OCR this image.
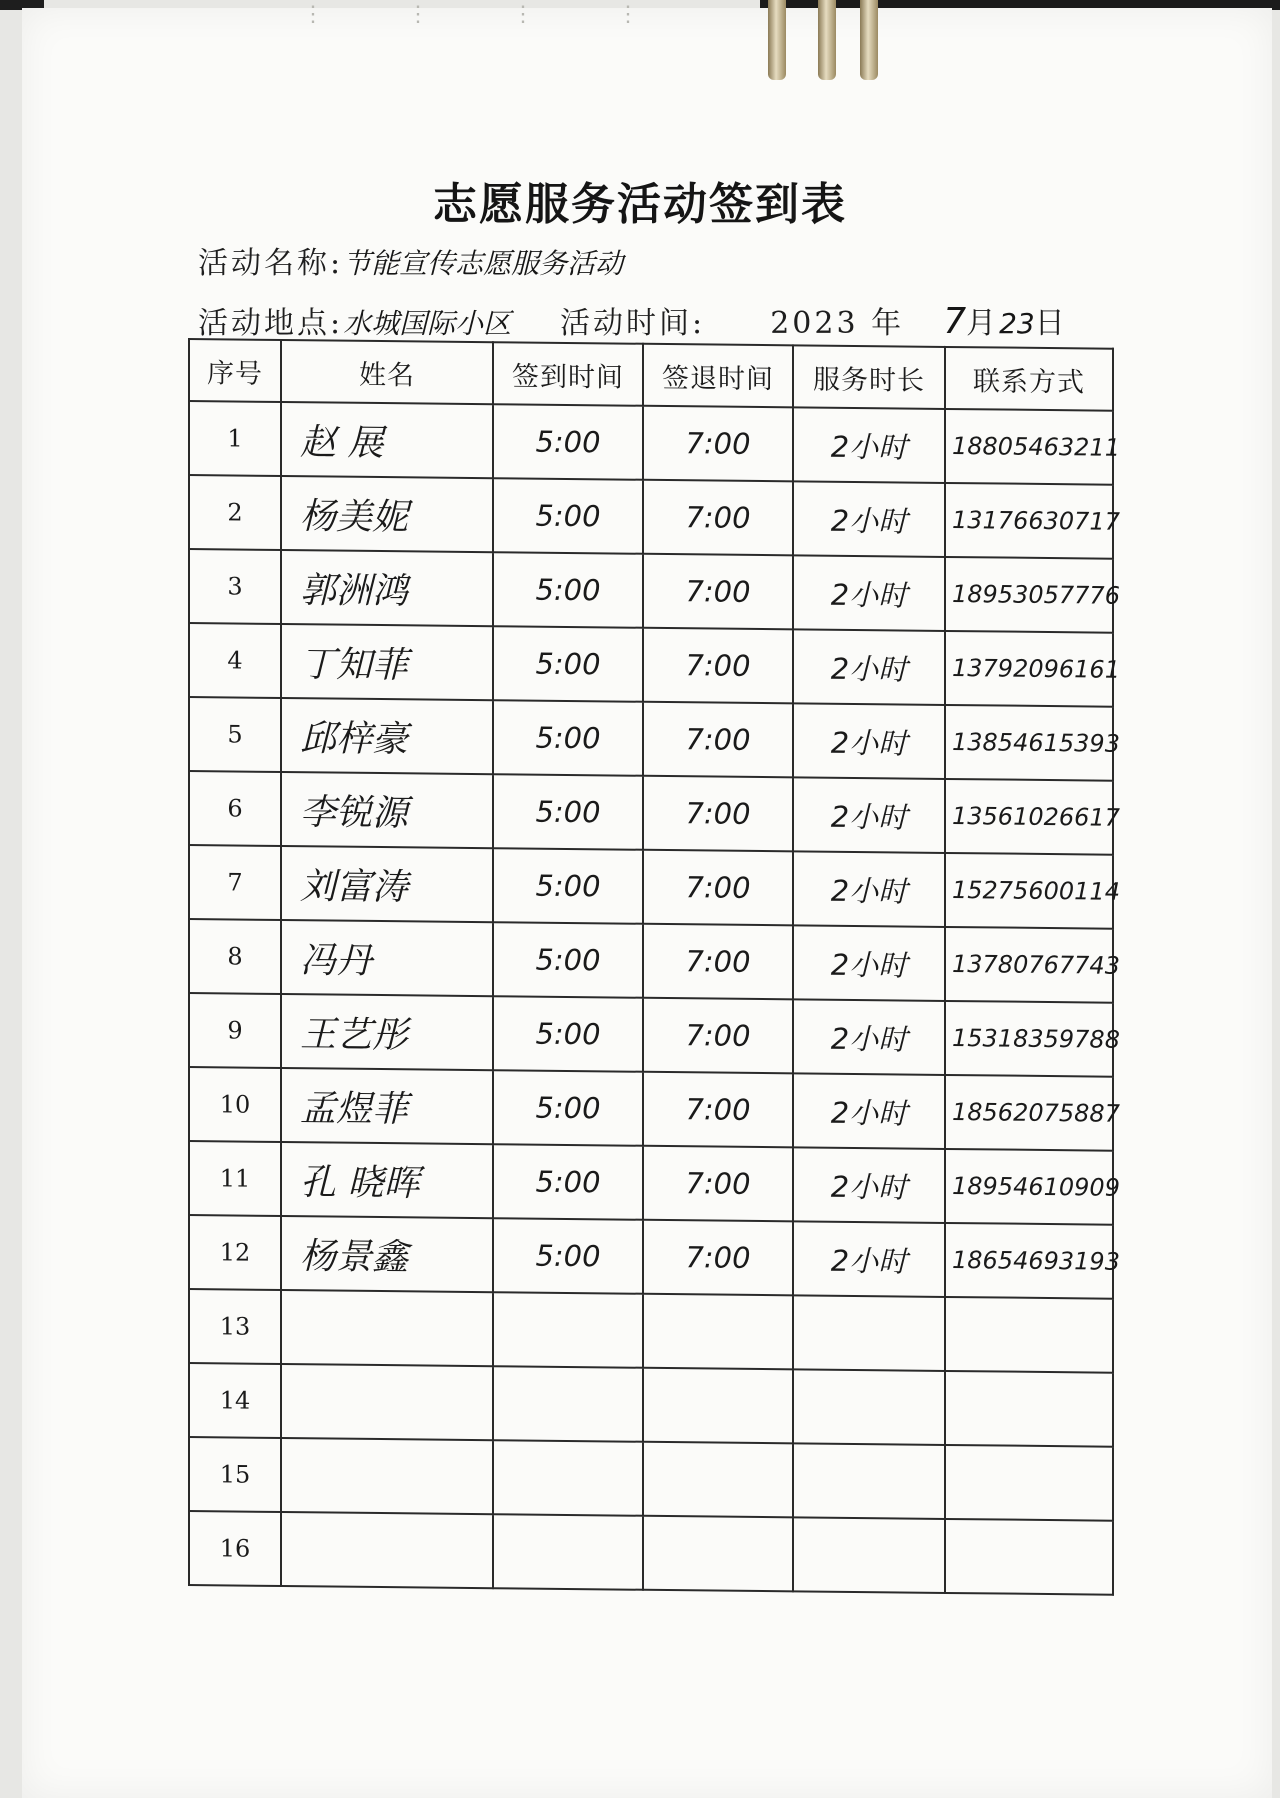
⋮ ⋮ ⋮ ⋮
志愿服务活动签到表
活动名称:节能宣传志愿服务活动
活动地点:水城国际小区 活动时间: 2023 年 7月23日
序号	姓名	签到时间	签退时间	服务时长	联系方式
1	赵 展	5:00	7:00	2小时	18805463211
2	杨美妮	5:00	7:00	2小时	13176630717
3	郭洲鸿	5:00	7:00	2小时	18953057776
4	丁知菲	5:00	7:00	2小时	13792096161
5	邱梓豪	5:00	7:00	2小时	13854615393
6	李锐源	5:00	7:00	2小时	13561026617
7	刘富涛	5:00	7:00	2小时	15275600114
8	冯丹	5:00	7:00	2小时	13780767743
9	王艺彤	5:00	7:00	2小时	15318359788
10	孟煜菲	5:00	7:00	2小时	18562075887
11	孔 晓晖	5:00	7:00	2小时	18954610909
12	杨景鑫	5:00	7:00	2小时	18654693193
13					
14					
15					
16					
